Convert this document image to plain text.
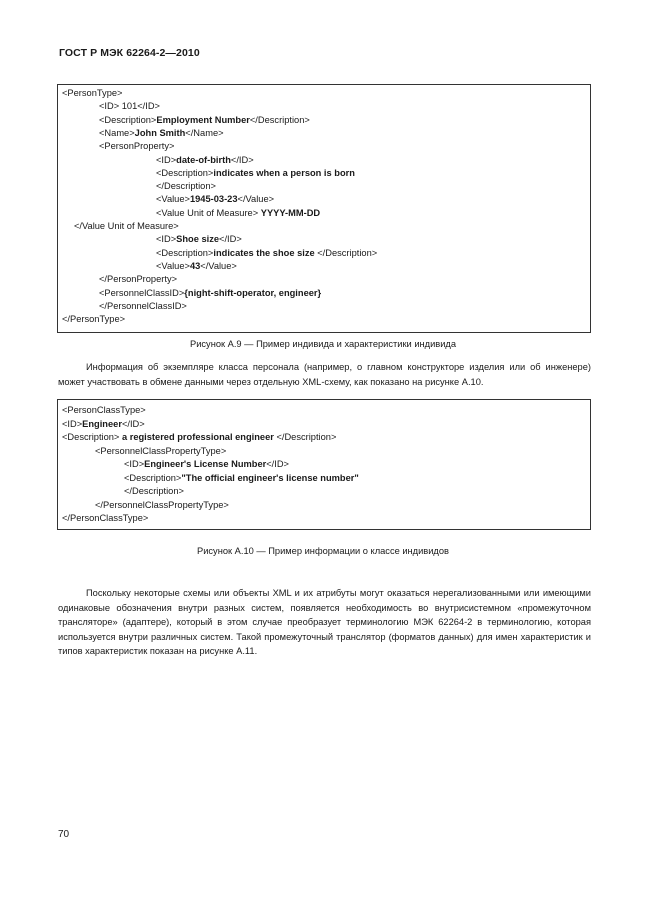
ГОСТ Р МЭК 62264-2—2010
<PersonType>
<ID> 101</ID>
<Description>Employment Number</Description>
<Name>John Smith</Name>
<PersonProperty>
<ID>date-of-birth</ID>
<Description>indicates when a person is born
</Description>
<Value>1945-03-23</Value>
<Value Unit of Measure> YYYY-MM-DD
</Value Unit of Measure>
<ID>Shoe size</ID>
<Description>indicates the shoe size </Description>
<Value>43</Value>
</PersonProperty>
<PersonnelClassID>{night-shift-operator, engineer}
</PersonnelClassID>
</PersonType>
Рисунок А.9 — Пример индивида и характеристики индивида
Информация об экземпляре класса персонала (например, о главном конструкторе изделия или об инженере) может участвовать в обмене данными через отдельную XML-схему, как показано на рисунке А.10.
<PersonClassType>
<ID>Engineer</ID>
<Description> a registered professional engineer </Description>
<PersonnelClassPropertyType>
<ID>Engineer's License Number</ID>
<Description>"The official engineer's license number"
</Description>
</PersonnelClassPropertyType>
</PersonClassType>
Рисунок А.10 — Пример информации о классе индивидов
Поскольку некоторые схемы или объекты XML и их атрибуты могут оказаться нерегализованными или имеющими одинаковые обозначения внутри разных систем, появляется необходимость во внутрисистемном «промежуточном трансляторе» (адаптере), который в этом случае преобразует терминологию МЭК 62264-2 в терминологию, которая используется внутри различных систем. Такой промежуточный транслятор (форматов данных) для имен характеристик и типов характеристик показан на рисунке А.11.
70
